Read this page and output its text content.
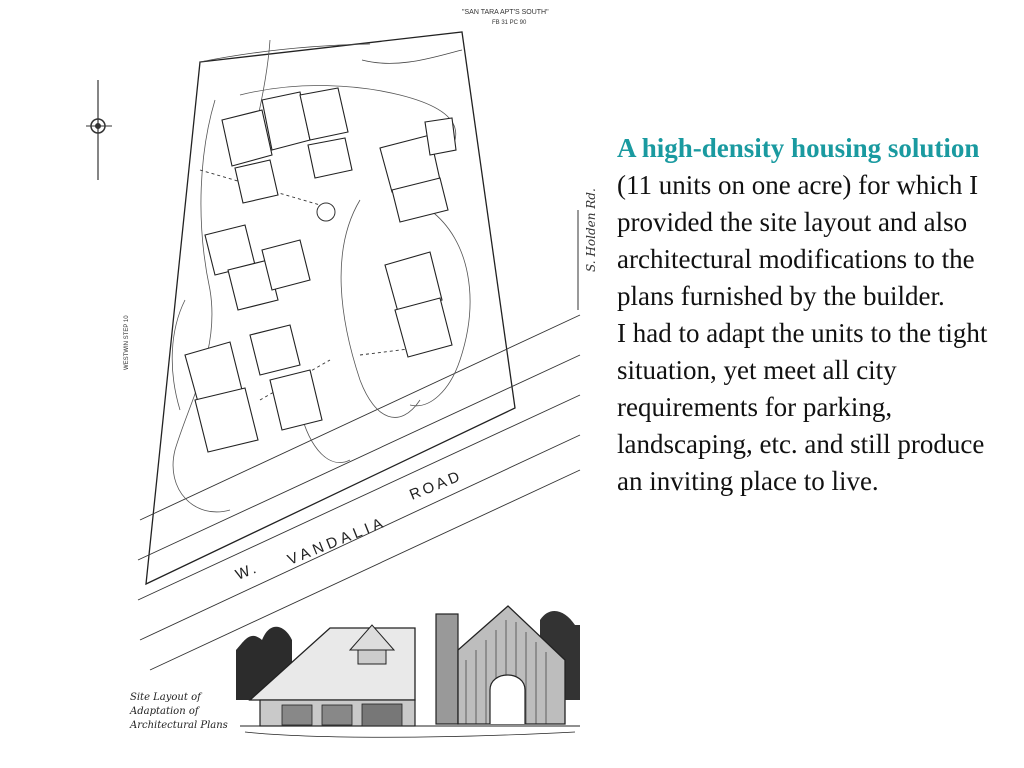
"SAN TARA APT'S SOUTH"
FB 31 PC 90
W.
VANDALIA
ROAD
S. Holden Rd.
WESTWIN STEP 10
Site Layout of
Adaptation of
Architectural Plans
A high-density housing solution (11 units on one acre) for which I provided the site layout and also architectural modifications to the plans furnished by the builder.
I had to adapt the units to the tight situation, yet meet all city requirements for parking, landscaping, etc. and still produce an inviting place to live.
